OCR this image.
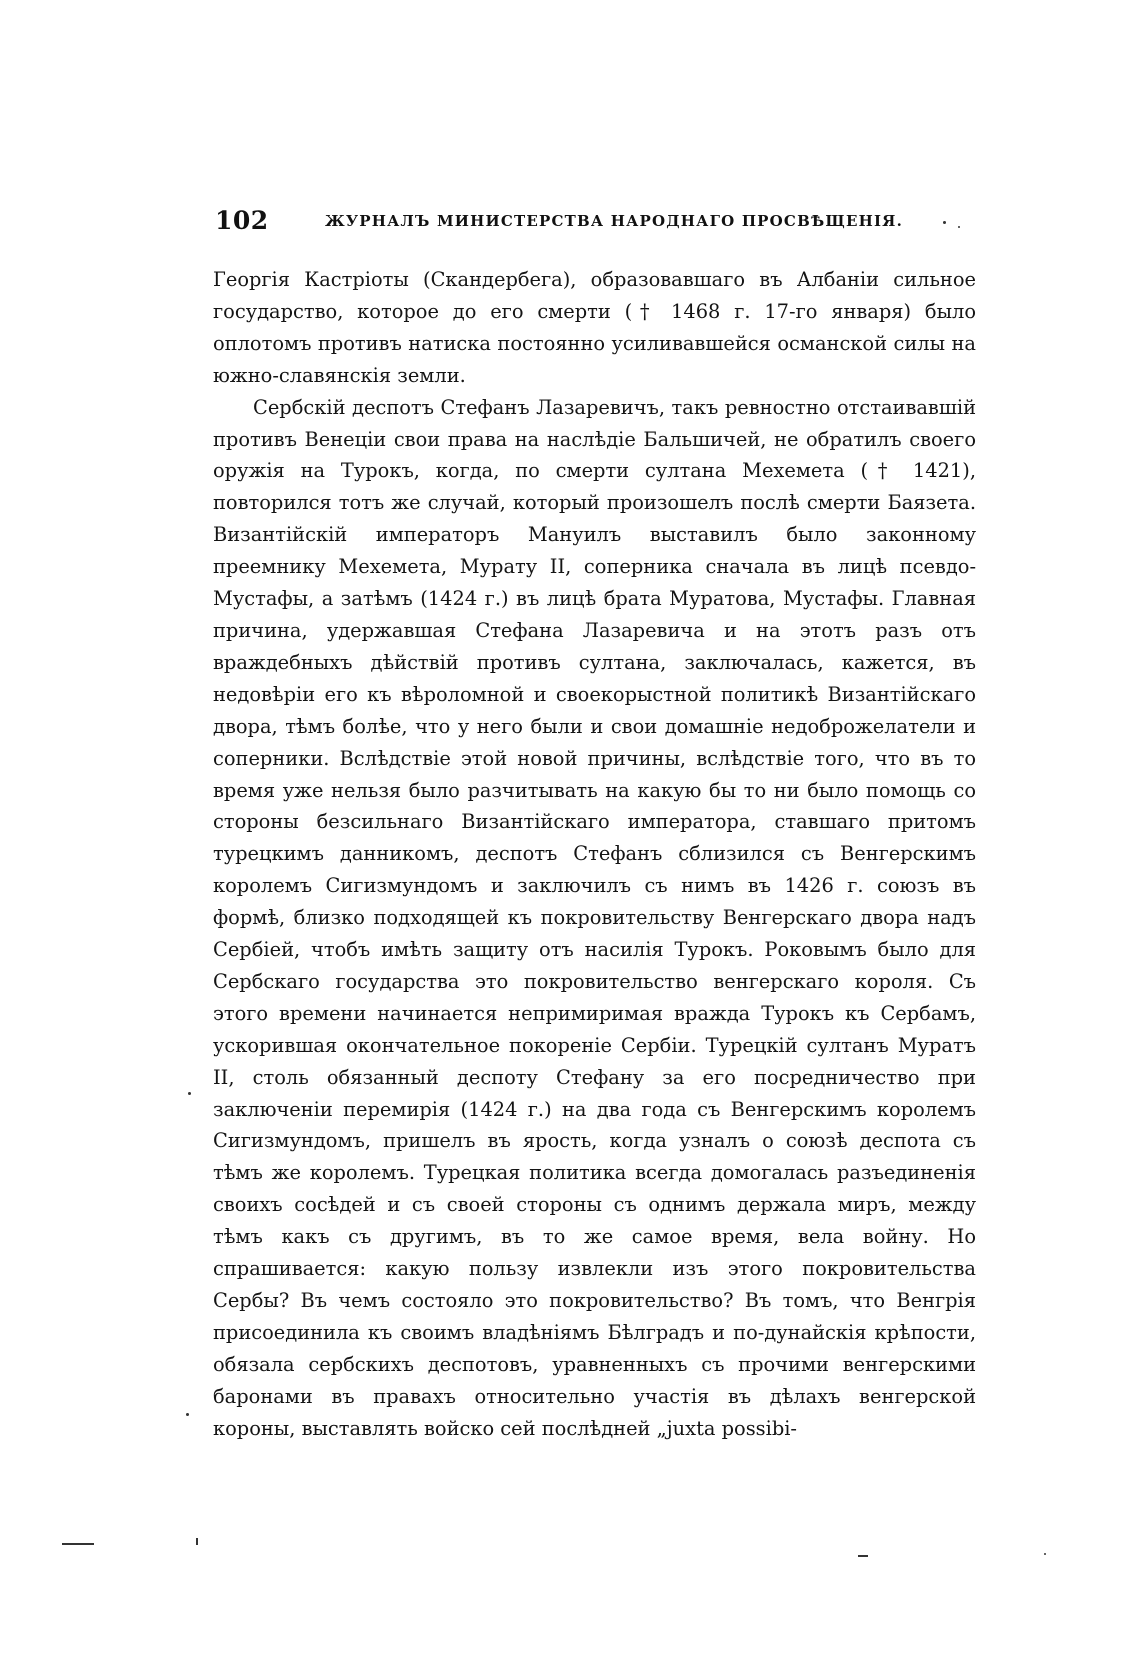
102	ЖУРНАЛЪ МИНИСТЕРСТВА НАРОДНАГО ПРОСВѢЩЕНІЯ.

Георгія Кастріоты (Скандербега), образовавшаго въ Албаніи сильное государство, которое до его смерти († 1468 г. 17-го января) было оплотомъ противъ натиска постоянно усиливавшейся османской силы на южно-славянскія земли.

Сербскій деспотъ Стефанъ Лазаревичъ, такъ ревностно отстаивавшій противъ Венеціи свои права на наслѣдіе Бальшичей, не обратилъ своего оружія на Турокъ, когда, по смерти султана Мехемета († 1421), повторился тотъ же случай, который произошелъ послѣ смерти Баязета. Византійскій императоръ Мануилъ выставилъ было законному преемнику Мехемета, Мурату II, соперника сначала въ лицѣ псевдо-Мустафы, а затѣмъ (1424 г.) въ лицѣ брата Муратова, Мустафы. Главная причина, удержавшая Стефана Лазаревича и на этотъ разъ отъ враждебныхъ дѣйствій противъ султана, заключалась, кажется, въ недовѣріи его къ вѣроломной и своекорыстной политикѣ Византійскаго двора, тѣмъ болѣе, что у него были и свои домашніе недоброжелатели и соперники. Вслѣдствіе этой новой причины, вслѣдствіе того, что въ то время уже нельзя было разчитывать на какую бы то ни было помощь со стороны безсильнаго Византійскаго императора, ставшаго притомъ турецкимъ данникомъ, деспотъ Стефанъ сблизился съ Венгерскимъ королемъ Сигизмундомъ и заключилъ съ нимъ въ 1426 г. союзъ въ формѣ, близко подходящей къ покровительству Венгерскаго двора надъ Сербіей, чтобъ имѣть защиту отъ насилія Турокъ. Роковымъ было для Сербскаго государства это покровительство венгерскаго короля. Съ этого времени начинается непримиримая вражда Турокъ къ Сербамъ, ускорившая окончательное покореніе Сербіи. Турецкій султанъ Муратъ II, столь обязанный деспоту Стефану за его посредничество при заключеніи перемирія (1424 г.) на два года съ Венгерскимъ королемъ Сигизмундомъ, пришелъ въ ярость, когда узналъ о союзѣ деспота съ тѣмъ же королемъ. Турецкая политика всегда домогалась разъединенія своихъ сосѣдей и съ своей стороны съ однимъ держала миръ, между тѣмъ какъ съ другимъ, въ то же самое время, вела войну. Но спрашивается: какую пользу извлекли изъ этого покровительства Сербы? Въ чемъ состояло это покровительство? Въ томъ, что Венгрія присоединила къ своимъ владѣніямъ Бѣлградъ и по-дунайскія крѣпости, обязала сербскихъ деспотовъ, уравненныхъ съ прочими венгерскими баронами въ правахъ относительно участія въ дѣлахъ венгерской короны, выставлять войско сей послѣдней „juxta possibi-
